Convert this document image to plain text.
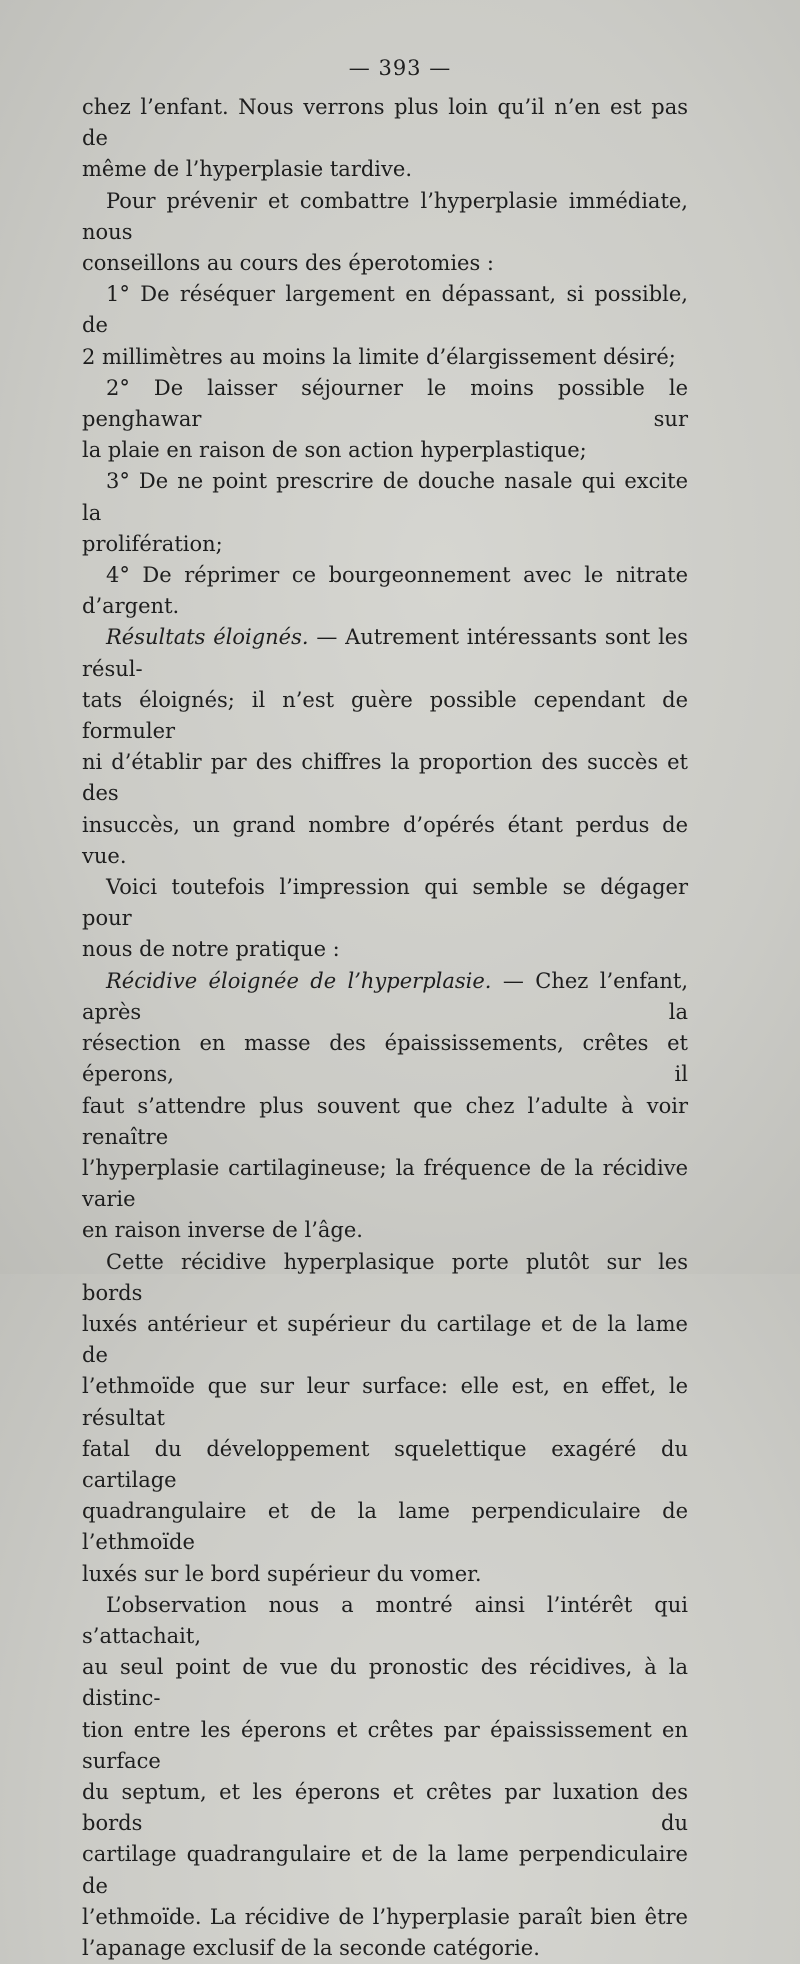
— 393 —

chez l’enfant. Nous verrons plus loin qu’il n’en est pas de

même de l’hyperplasie tardive.

Pour prévenir et combattre l’hyperplasie immédiate, nous

conseillons au cours des éperotomies :

1° De réséquer largement en dépassant, si possible, de

2 millimètres au moins la limite d’élargissement désiré;

2° De laisser séjourner le moins possible le penghawar sur

la plaie en raison de son action hyperplastique;

3° De ne point prescrire de douche nasale qui excite la

prolifération;

4° De réprimer ce bourgeonnement avec le nitrate d’argent.

Résultats éloignés. — Autrement intéressants sont les résul-

tats éloignés; il n’est guère possible cependant de formuler

ni d’établir par des chiffres la proportion des succès et des

insuccès, un grand nombre d’opérés étant perdus de vue.

Voici toutefois l’impression qui semble se dégager pour

nous de notre pratique :

Récidive éloignée de l’hyperplasie. — Chez l’enfant, après la

résection en masse des épaississements, crêtes et éperons, il

faut s’attendre plus souvent que chez l’adulte à voir renaître

l’hyperplasie cartilagineuse; la fréquence de la récidive varie

en raison inverse de l’âge.

Cette récidive hyperplasique porte plutôt sur les bords

luxés antérieur et supérieur du cartilage et de la lame de

l’ethmoïde que sur leur surface: elle est, en effet, le résultat

fatal du développement squelettique exagéré du cartilage

quadrangulaire et de la lame perpendiculaire de l’ethmoïde

luxés sur le bord supérieur du vomer.

L’observation nous a montré ainsi l’intérêt qui s’attachait,

au seul point de vue du pronostic des récidives, à la distinc-

tion entre les éperons et crêtes par épaississement en surface

du septum, et les éperons et crêtes par luxation des bords du

cartilage quadrangulaire et de la lame perpendiculaire de

l’ethmoïde. La récidive de l’hyperplasie paraît bien être

l’apanage exclusif de la seconde catégorie.
